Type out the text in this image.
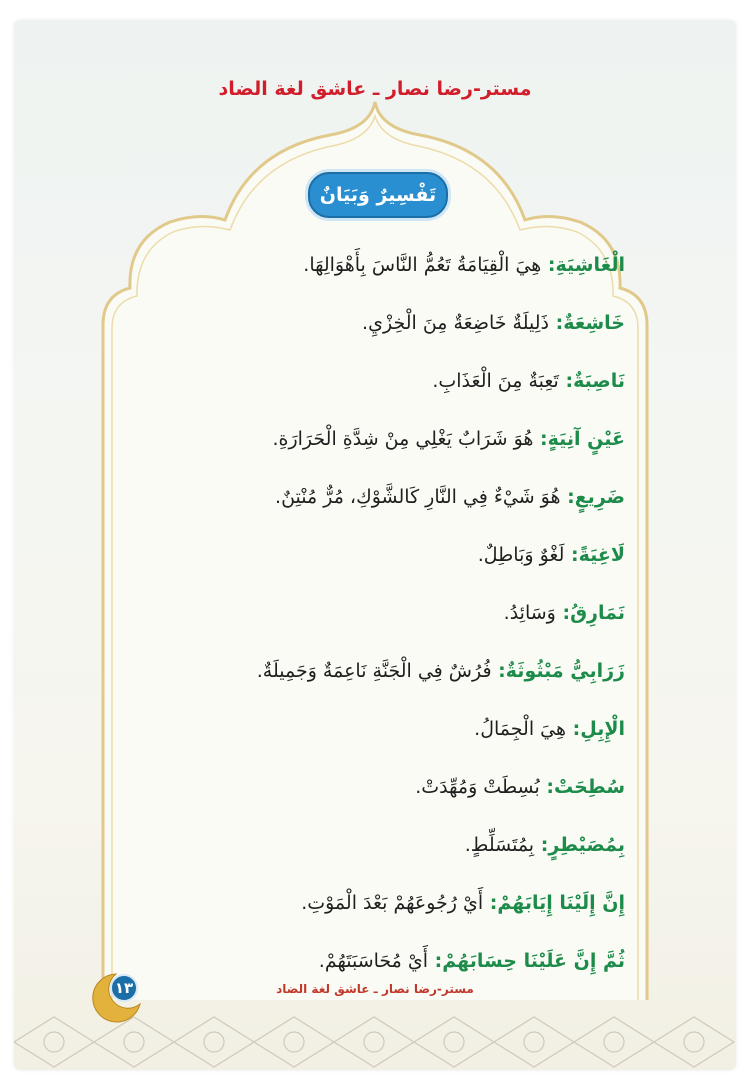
مستر-رضا نصار ـ عاشق لغة الضاد
تَفْسِيرٌ وَبَيَانٌ
الْغَاشِيَةِ: هِيَ الْقِيَامَةُ تَعُمُّ النَّاسَ بِأَهْوَالِهَا.
خَاشِعَةٌ: ذَلِيلَةٌ خَاضِعَةٌ مِنَ الْخِزْيِ.
نَاصِبَةٌ: تَعِبَةٌ مِنَ الْعَذَابِ.
عَيْنٍ آنِيَةٍ: هُوَ شَرَابٌ يَغْلِي مِنْ شِدَّةِ الْحَرَارَةِ.
ضَرِيعٍ: هُوَ شَيْءٌ فِي النَّارِ كَالشَّوْكِ، مُرٌّ مُنْتِنٌ.
لَاغِيَةً: لَغْوٌ وَبَاطِلٌ.
نَمَارِقُ: وَسَائِدُ.
زَرَابِيُّ مَبْثُوثَةٌ: فُرُشٌ فِي الْجَنَّةِ نَاعِمَةٌ وَجَمِيلَةٌ.
الْإِبِلِ: هِيَ الْجِمَالُ.
سُطِحَتْ: بُسِطَتْ وَمُهِّدَتْ.
بِمُصَيْطِرٍ: بِمُتَسَلِّطٍ.
إِنَّ إِلَيْنَا إِيَابَهُمْ: أَيْ رُجُوعَهُمْ بَعْدَ الْمَوْتِ.
ثُمَّ إِنَّ عَلَيْنَا حِسَابَهُمْ: أَيْ مُحَاسَبَتَهُمْ.
١٣	مستر-رضا نصار ـ عاشق لغة الضاد
